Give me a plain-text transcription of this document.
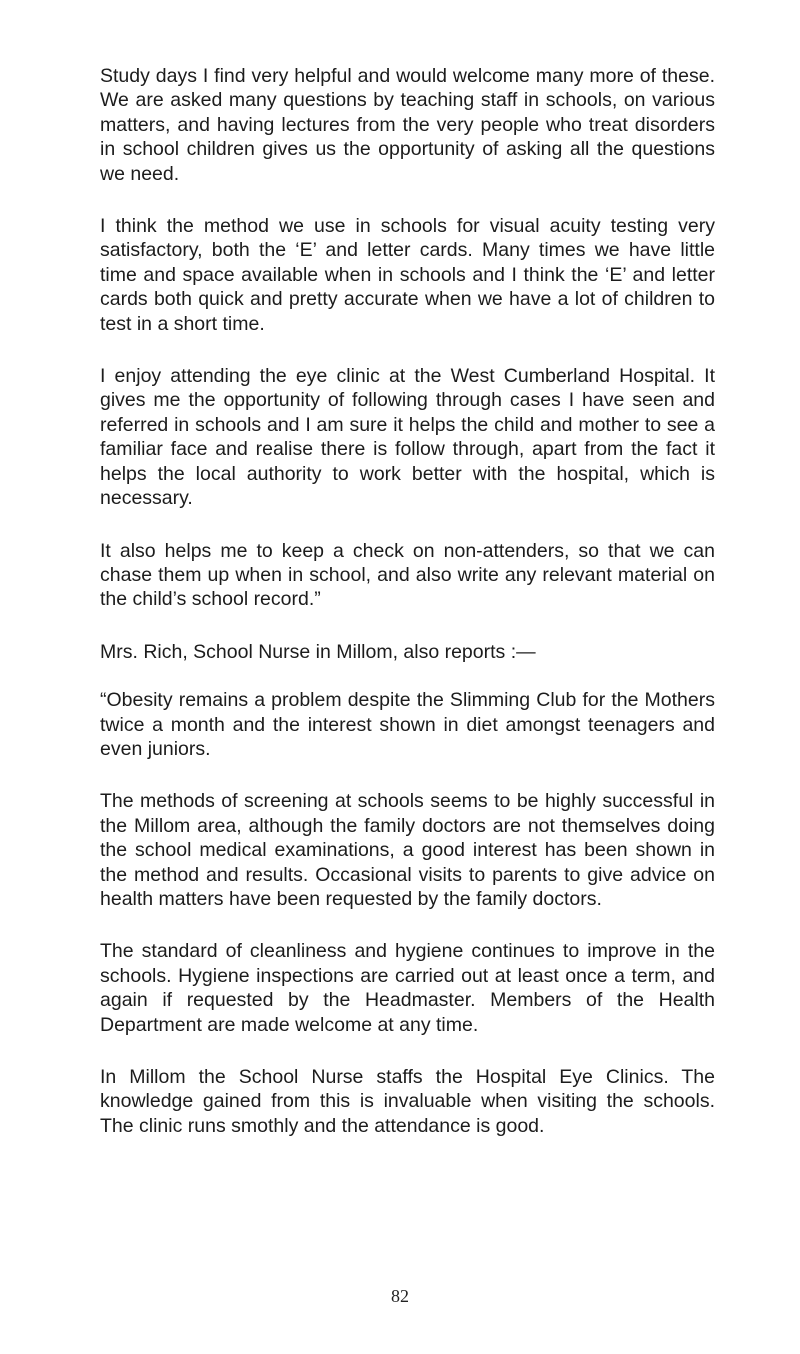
Study days I find very helpful and would welcome many more of these. We are asked many questions by teaching staff in schools, on various matters, and having lectures from the very people who treat disorders in school children gives us the opportunity of asking all the questions we need.

I think the method we use in schools for visual acuity testing very satisfactory, both the ‘E’ and letter cards. Many times we have little time and space available when in schools and I think the ‘E’ and letter cards both quick and pretty accurate when we have a lot of children to test in a short time.

I enjoy attending the eye clinic at the West Cumberland Hospital. It gives me the opportunity of following through cases I have seen and referred in schools and I am sure it helps the child and mother to see a familiar face and realise there is follow through, apart from the fact it helps the local authority to work better with the hospital, which is necessary.

It also helps me to keep a check on non-attenders, so that we can chase them up when in school, and also write any relevant material on the child’s school record.”

Mrs. Rich, School Nurse in Millom, also reports :—

“Obesity remains a problem despite the Slimming Club for the Mothers twice a month and the interest shown in diet amongst teenagers and even juniors.

The methods of screening at schools seems to be highly successful in the Millom area, although the family doctors are not themselves doing the school medical examinations, a good interest has been shown in the method and results. Occasional visits to parents to give advice on health matters have been requested by the family doctors.

The standard of cleanliness and hygiene continues to improve in the schools. Hygiene inspections are carried out at least once a term, and again if requested by the Headmaster. Members of the Health Department are made welcome at any time.

In Millom the School Nurse staffs the Hospital Eye Clinics. The knowledge gained from this is invaluable when visiting the schools. The clinic runs smothly and the attendance is good.

82
